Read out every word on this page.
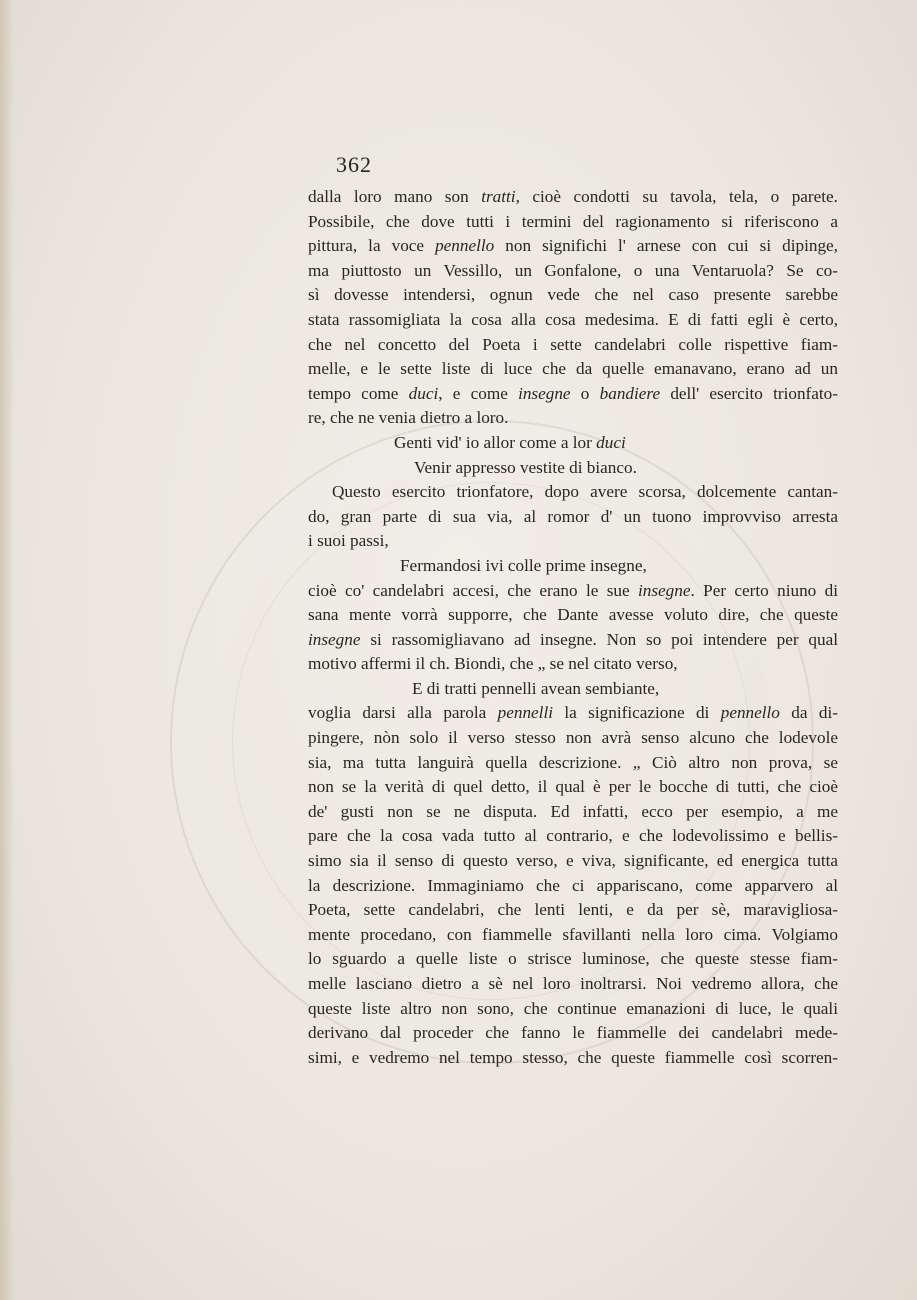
362
dalla loro mano son tratti, cioè condotti su tavola, tela, o parete.
Possibile, che dove tutti i termini del ragionamento si riferiscono a
pittura, la voce pennello non significhi l' arnese con cui si dipinge,
ma piuttosto un Vessillo, un Gonfalone, o una Ventaruola? Se co-
sì dovesse intendersi, ognun vede che nel caso presente sarebbe
stata rassomigliata la cosa alla cosa medesima. E di fatti egli è certo,
che nel concetto del Poeta i sette candelabri colle rispettive fiam-
melle, e le sette liste di luce che da quelle emanavano, erano ad un
tempo come duci, e come insegne o bandiere dell' esercito trionfato-
re, che ne venia dietro a loro.
Genti vid' io allor come a lor duci
Venir appresso vestite di bianco.
Questo esercito trionfatore, dopo avere scorsa, dolcemente cantan-
do, gran parte di sua via, al romor d' un tuono improvviso arresta
i suoi passi,
Fermandosi ivi colle prime insegne,
cioè co' candelabri accesi, che erano le sue insegne. Per certo niuno di
sana mente vorrà supporre, che Dante avesse voluto dire, che queste
insegne si rassomigliavano ad insegne. Non so poi intendere per qual
motivo affermi il ch. Biondi, che „ se nel citato verso,
E di tratti pennelli avean sembiante,
voglia darsi alla parola pennelli la significazione di pennello da di-
pingere, nòn solo il verso stesso non avrà senso alcuno che lodevole
sia, ma tutta languirà quella descrizione. „ Ciò altro non prova, se
non se la verità di quel detto, il qual è per le bocche di tutti, che cioè
de' gusti non se ne disputa. Ed infatti, ecco per esempio, a me
pare che la cosa vada tutto al contrario, e che lodevolissimo e bellis-
simo sia il senso di questo verso, e viva, significante, ed energica tutta
la descrizione. Immaginiamo che ci appariscano, come apparvero al
Poeta, sette candelabri, che lenti lenti, e da per sè, maravigliosa-
mente procedano, con fiammelle sfavillanti nella loro cima. Volgiamo
lo sguardo a quelle liste o strisce luminose, che queste stesse fiam-
melle lasciano dietro a sè nel loro inoltrarsi. Noi vedremo allora, che
queste liste altro non sono, che continue emanazioni di luce, le quali
derivano dal proceder che fanno le fiammelle dei candelabri mede-
simi, e vedremo nel tempo stesso, che queste fiammelle così scorren-
